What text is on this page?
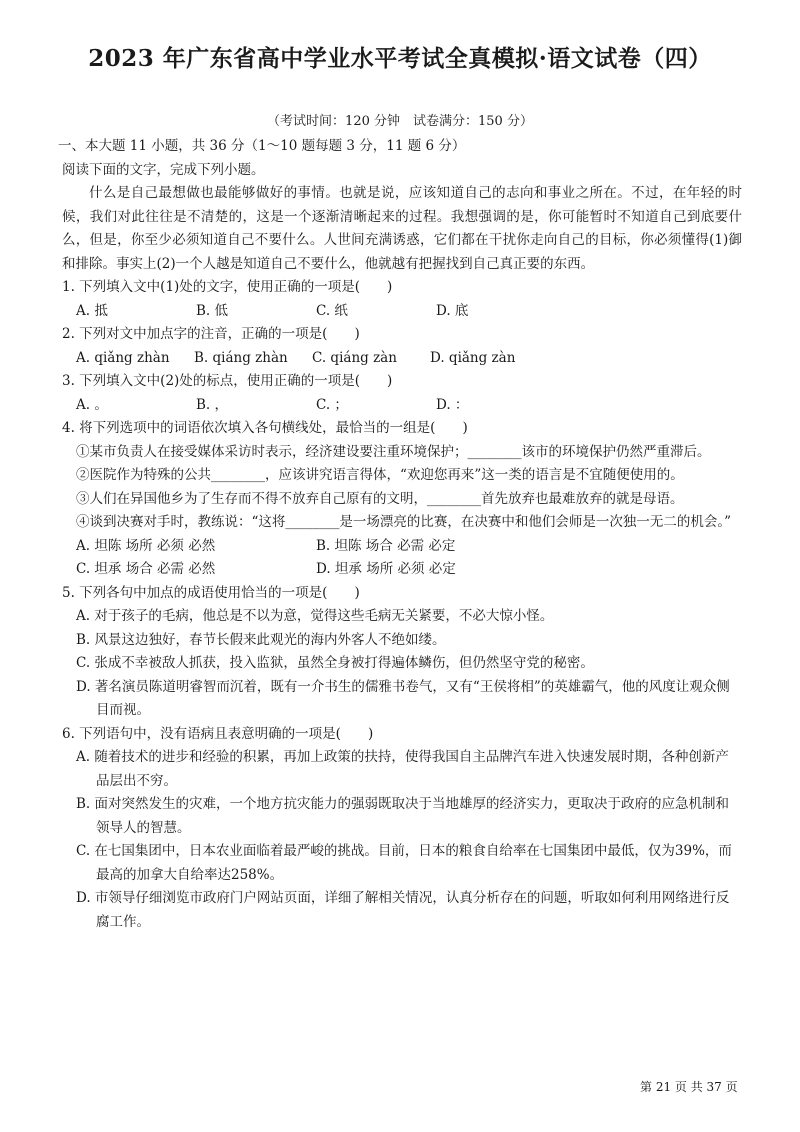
2023 年广东省高中学业水平考试全真模拟·语文试卷（四）
（考试时间：120 分钟　试卷满分：150 分）

一、本大题 11 小题，共 36 分（1～10 题每题 3 分，11 题 6 分）

阅读下面的文字，完成下列小题。

什么是自己最想做也最能够做好的事情。也就是说，应该知道自己的志向和事业之所在。不过，在年轻的时候，我们对此往往是不清楚的，这是一个逐渐清晰起来的过程。我想强调的是，你可能暂时不知道自己到底要什么，但是，你至少必须知道自己不要什么。人世间充满诱惑，它们都在干扰你走向自己的目标，你必须懂得(1)御和排除。事实上(2)一个人越是知道自己不要什么，他就越有把握找到自己真正要的东西。

1. 下列填入文中(1)处的文字，使用正确的一项是(　　)

A. 抵	B. 低	C. 纸	D. 底

2. 下列对文中加点字的注音，正确的一项是(　　)

A. qiǎng zhàn	B. qiáng zhàn	C. qiáng zàn	D. qiǎng zàn

3. 下列填入文中(2)处的标点，使用正确的一项是(　　)

A. 。	B. ，	C. ；	D. ：

4. 将下列选项中的词语依次填入各句横线处，最恰当的一组是(　　)

①某市负责人在接受媒体采访时表示，经济建设要注重环境保护；________该市的环境保护仍然严重滞后。

②医院作为特殊的公共________，应该讲究语言得体，“欢迎您再来”这一类的语言是不宜随便使用的。

③人们在异国他乡为了生存而不得不放弃自己原有的文明，________首先放弃也最难放弃的就是母语。

④谈到决赛对手时，教练说：“这将________是一场漂亮的比赛，在决赛中和他们会师是一次独一无二的机会。”

A. 坦陈 场所 必须 必然	B. 坦陈 场合 必需 必定
C. 坦承 场合 必需 必然	D. 坦承 场所 必须 必定

5. 下列各句中加点的成语使用恰当的一项是(　　)

A. 对于孩子的毛病，他总是不以为意，觉得这些毛病无关紧要，不必大惊小怪。

B. 风景这边独好，春节长假来此观光的海内外客人不绝如缕。

C. 张成不幸被敌人抓获，投入监狱，虽然全身被打得遍体鳞伤，但仍然坚守党的秘密。

D. 著名演员陈道明睿智而沉着，既有一介书生的儒雅书卷气，又有“王侯将相”的英雄霸气，他的风度让观众侧目而视。

6. 下列语句中，没有语病且表意明确的一项是(　　)

A. 随着技术的进步和经验的积累，再加上政策的扶持，使得我国自主品牌汽车进入快速发展时期，各种创新产品层出不穷。

B. 面对突然发生的灾难，一个地方抗灾能力的强弱既取决于当地雄厚的经济实力，更取决于政府的应急机制和领导人的智慧。

C. 在七国集团中，日本农业面临着最严峻的挑战。目前，日本的粮食自给率在七国集团中最低，仅为39%，而最高的加拿大自给率达258%。

D. 市领导仔细浏览市政府门户网站页面，详细了解相关情况，认真分析存在的问题，听取如何利用网络进行反腐工作。

第 21 页 共 37 页
